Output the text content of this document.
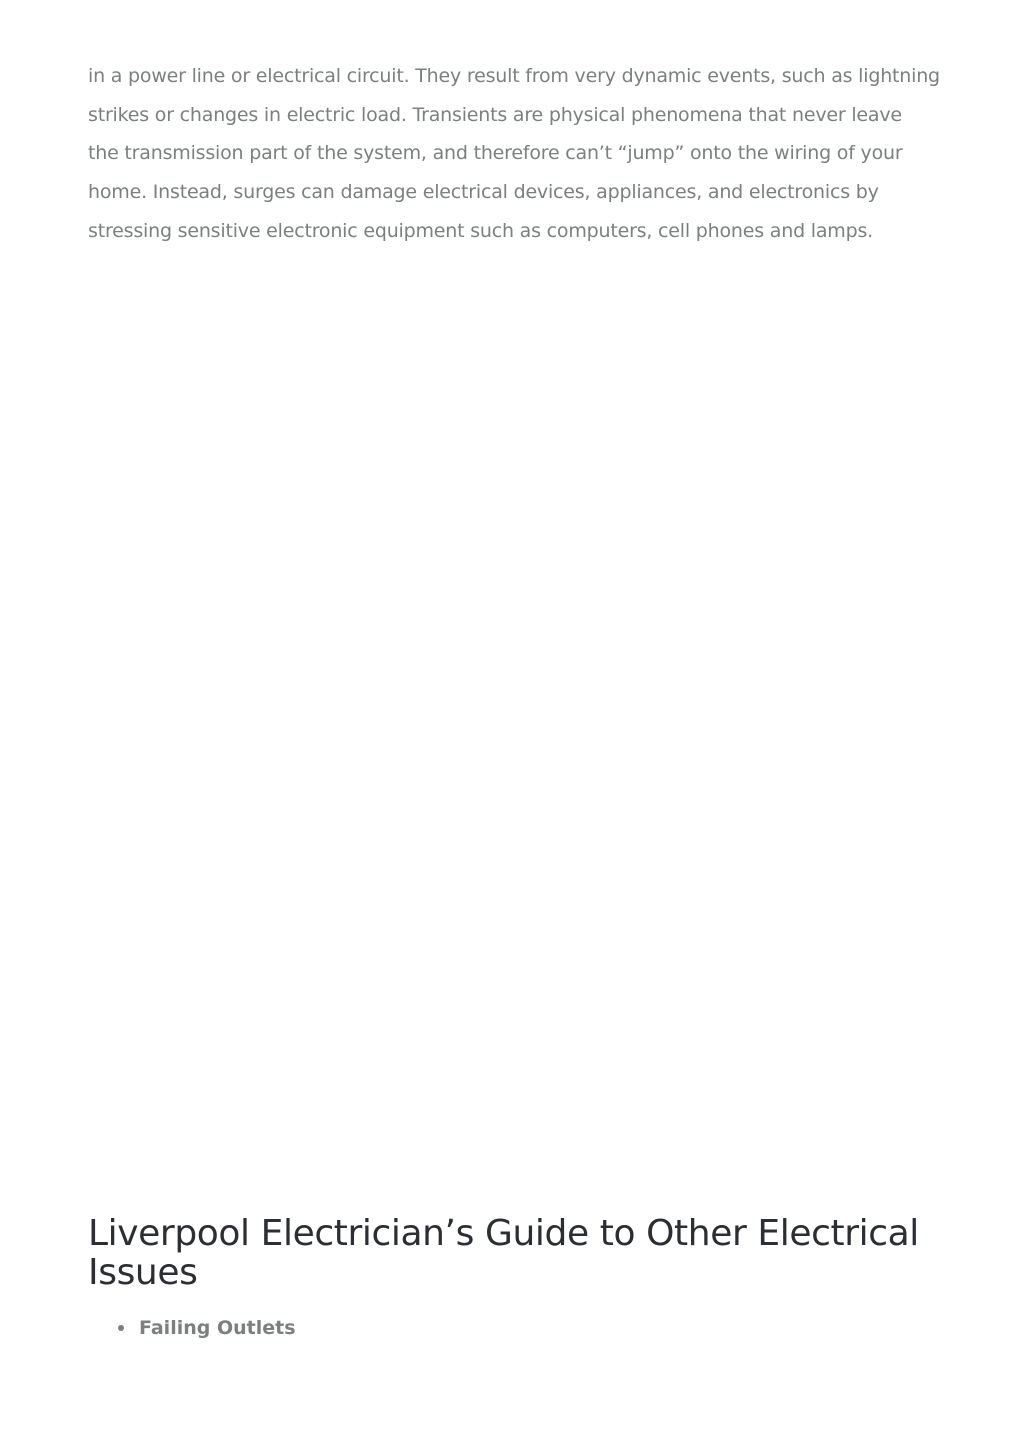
in a power line or electrical circuit. They result from very dynamic events, such as lightning
strikes or changes in electric load. Transients are physical phenomena that never leave
the transmission part of the system, and therefore can’t “jump” onto the wiring of your
home. Instead, surges can damage electrical devices, appliances, and electronics by
stressing sensitive electronic equipment such as computers, cell phones and lamps.

Liverpool Electrician’s Guide to Other Electrical Issues
Failing Outlets
